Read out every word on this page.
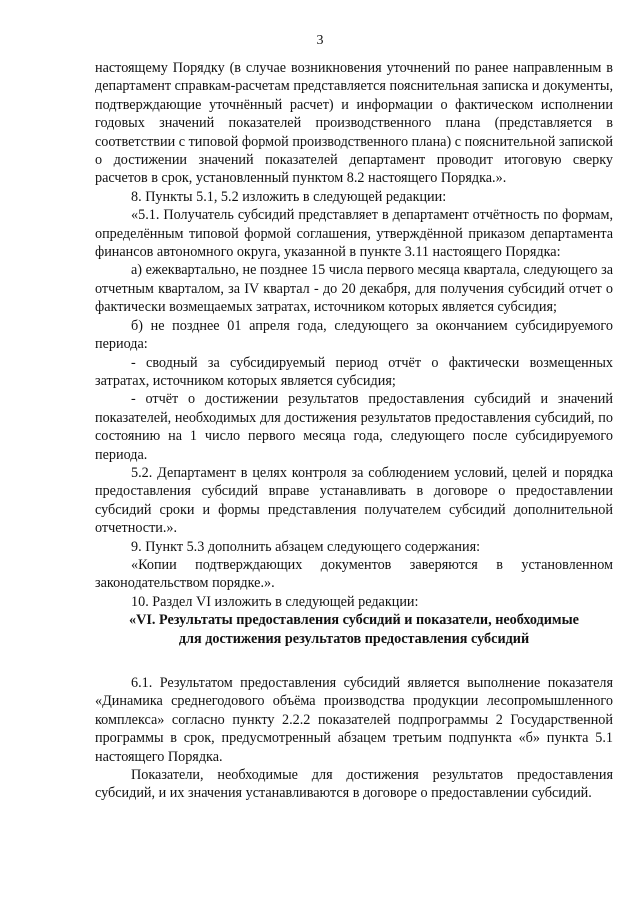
3

настоящему Порядку (в случае возникновения уточнений по ранее направленным в департамент справкам-расчетам представляется пояснительная записка и документы, подтверждающие уточнённый расчет) и информации о фактическом исполнении годовых значений показателей производственного плана (представляется в соответствии с типовой формой производственного плана) с пояснительной запиской о достижении значений показателей департамент проводит итоговую сверку расчетов в срок, установленный пунктом 8.2 настоящего Порядка.».

8. Пункты 5.1, 5.2 изложить в следующей редакции:

«5.1. Получатель субсидий представляет в департамент отчётность по формам, определённым типовой формой соглашения, утверждённой приказом департамента финансов автономного округа, указанной в пункте 3.11 настоящего Порядка:

а) ежеквартально, не позднее 15 числа первого месяца квартала, следующего за отчетным кварталом, за IV квартал - до 20 декабря, для получения субсидий отчет о фактически возмещаемых затратах, источником которых является субсидия;

б) не позднее 01 апреля года, следующего за окончанием субсидируемого периода:

- сводный за субсидируемый период отчёт о фактически возмещенных затратах, источником которых является субсидия;

- отчёт о достижении результатов предоставления субсидий и значений показателей, необходимых для достижения результатов предоставления субсидий, по состоянию на 1 число первого месяца года, следующего после субсидируемого периода.

5.2. Департамент в целях контроля за соблюдением условий, целей и порядка предоставления субсидий вправе устанавливать в договоре о предоставлении субсидий сроки и формы представления получателем субсидий дополнительной отчетности.».

9. Пункт 5.3 дополнить абзацем следующего содержания:

«Копии подтверждающих документов заверяются в установленном законодательством порядке.».

10. Раздел VI изложить в следующей редакции:

«VI. Результаты предоставления субсидий и показатели, необходимые

для достижения результатов предоставления субсидий

6.1. Результатом предоставления субсидий является выполнение показателя «Динамика среднегодового объёма производства продукции лесопромышленного комплекса» согласно пункту 2.2.2 показателей подпрограммы 2 Государственной программы в срок, предусмотренный абзацем третьим подпункта «б» пункта 5.1 настоящего Порядка.

Показатели, необходимые для достижения результатов предоставления субсидий, и их значения устанавливаются в договоре о предоставлении субсидий.
